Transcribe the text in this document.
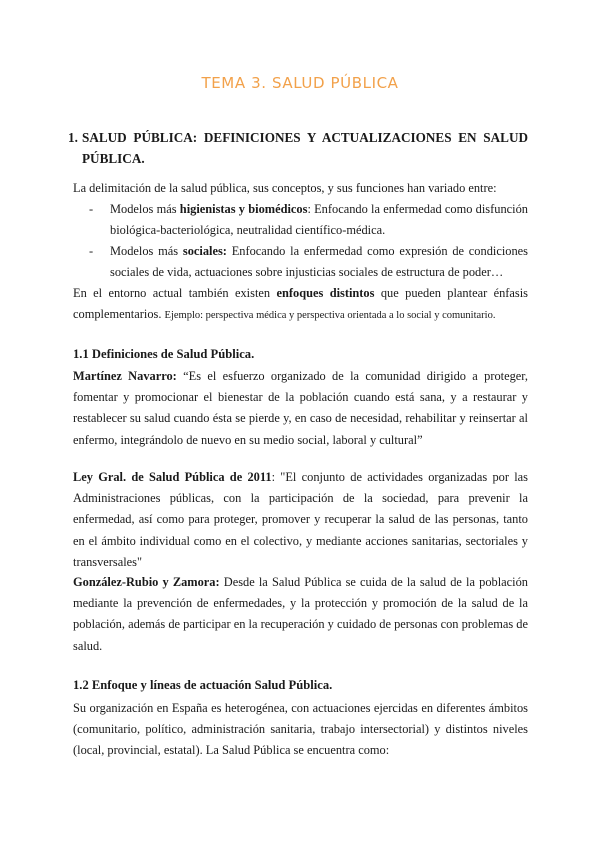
TEMA 3. SALUD PÚBLICA
1. SALUD PÚBLICA: DEFINICIONES Y ACTUALIZACIONES EN SALUD PÚBLICA.

La delimitación de la salud pública, sus conceptos, y sus funciones han variado entre:

- Modelos más higienistas y biomédicos: Enfocando la enfermedad como disfunción biológica-bacteriológica, neutralidad científico-médica.
- Modelos más sociales: Enfocando la enfermedad como expresión de condiciones sociales de vida, actuaciones sobre injusticias sociales de estructura de poder…

En el entorno actual también existen enfoques distintos que pueden plantear énfasis complementarios. Ejemplo: perspectiva médica y perspectiva orientada a lo social y comunitario.

1.1 Definiciones de Salud Pública.

Martínez Navarro: “Es el esfuerzo organizado de la comunidad dirigido a proteger, fomentar y promocionar el bienestar de la población cuando está sana, y a restaurar y restablecer su salud cuando ésta se pierde y, en caso de necesidad, rehabilitar y reinsertar al enfermo, integrándolo de nuevo en su medio social, laboral y cultural”

Ley Gral. de Salud Pública de 2011: "El conjunto de actividades organizadas por las Administraciones públicas, con la participación de la sociedad, para prevenir la enfermedad, así como para proteger, promover y recuperar la salud de las personas, tanto en el ámbito individual como en el colectivo, y mediante acciones sanitarias, sectoriales y transversales"

González-Rubio y Zamora: Desde la Salud Pública se cuida de la salud de la población mediante la prevención de enfermedades, y la protección y promoción de la salud de la población, además de participar en la recuperación y cuidado de personas con problemas de salud.

1.2 Enfoque y líneas de actuación Salud Pública.

Su organización en España es heterogénea, con actuaciones ejercidas en diferentes ámbitos (comunitario, político, administración sanitaria, trabajo intersectorial) y distintos niveles (local, provincial, estatal). La Salud Pública se encuentra como:
